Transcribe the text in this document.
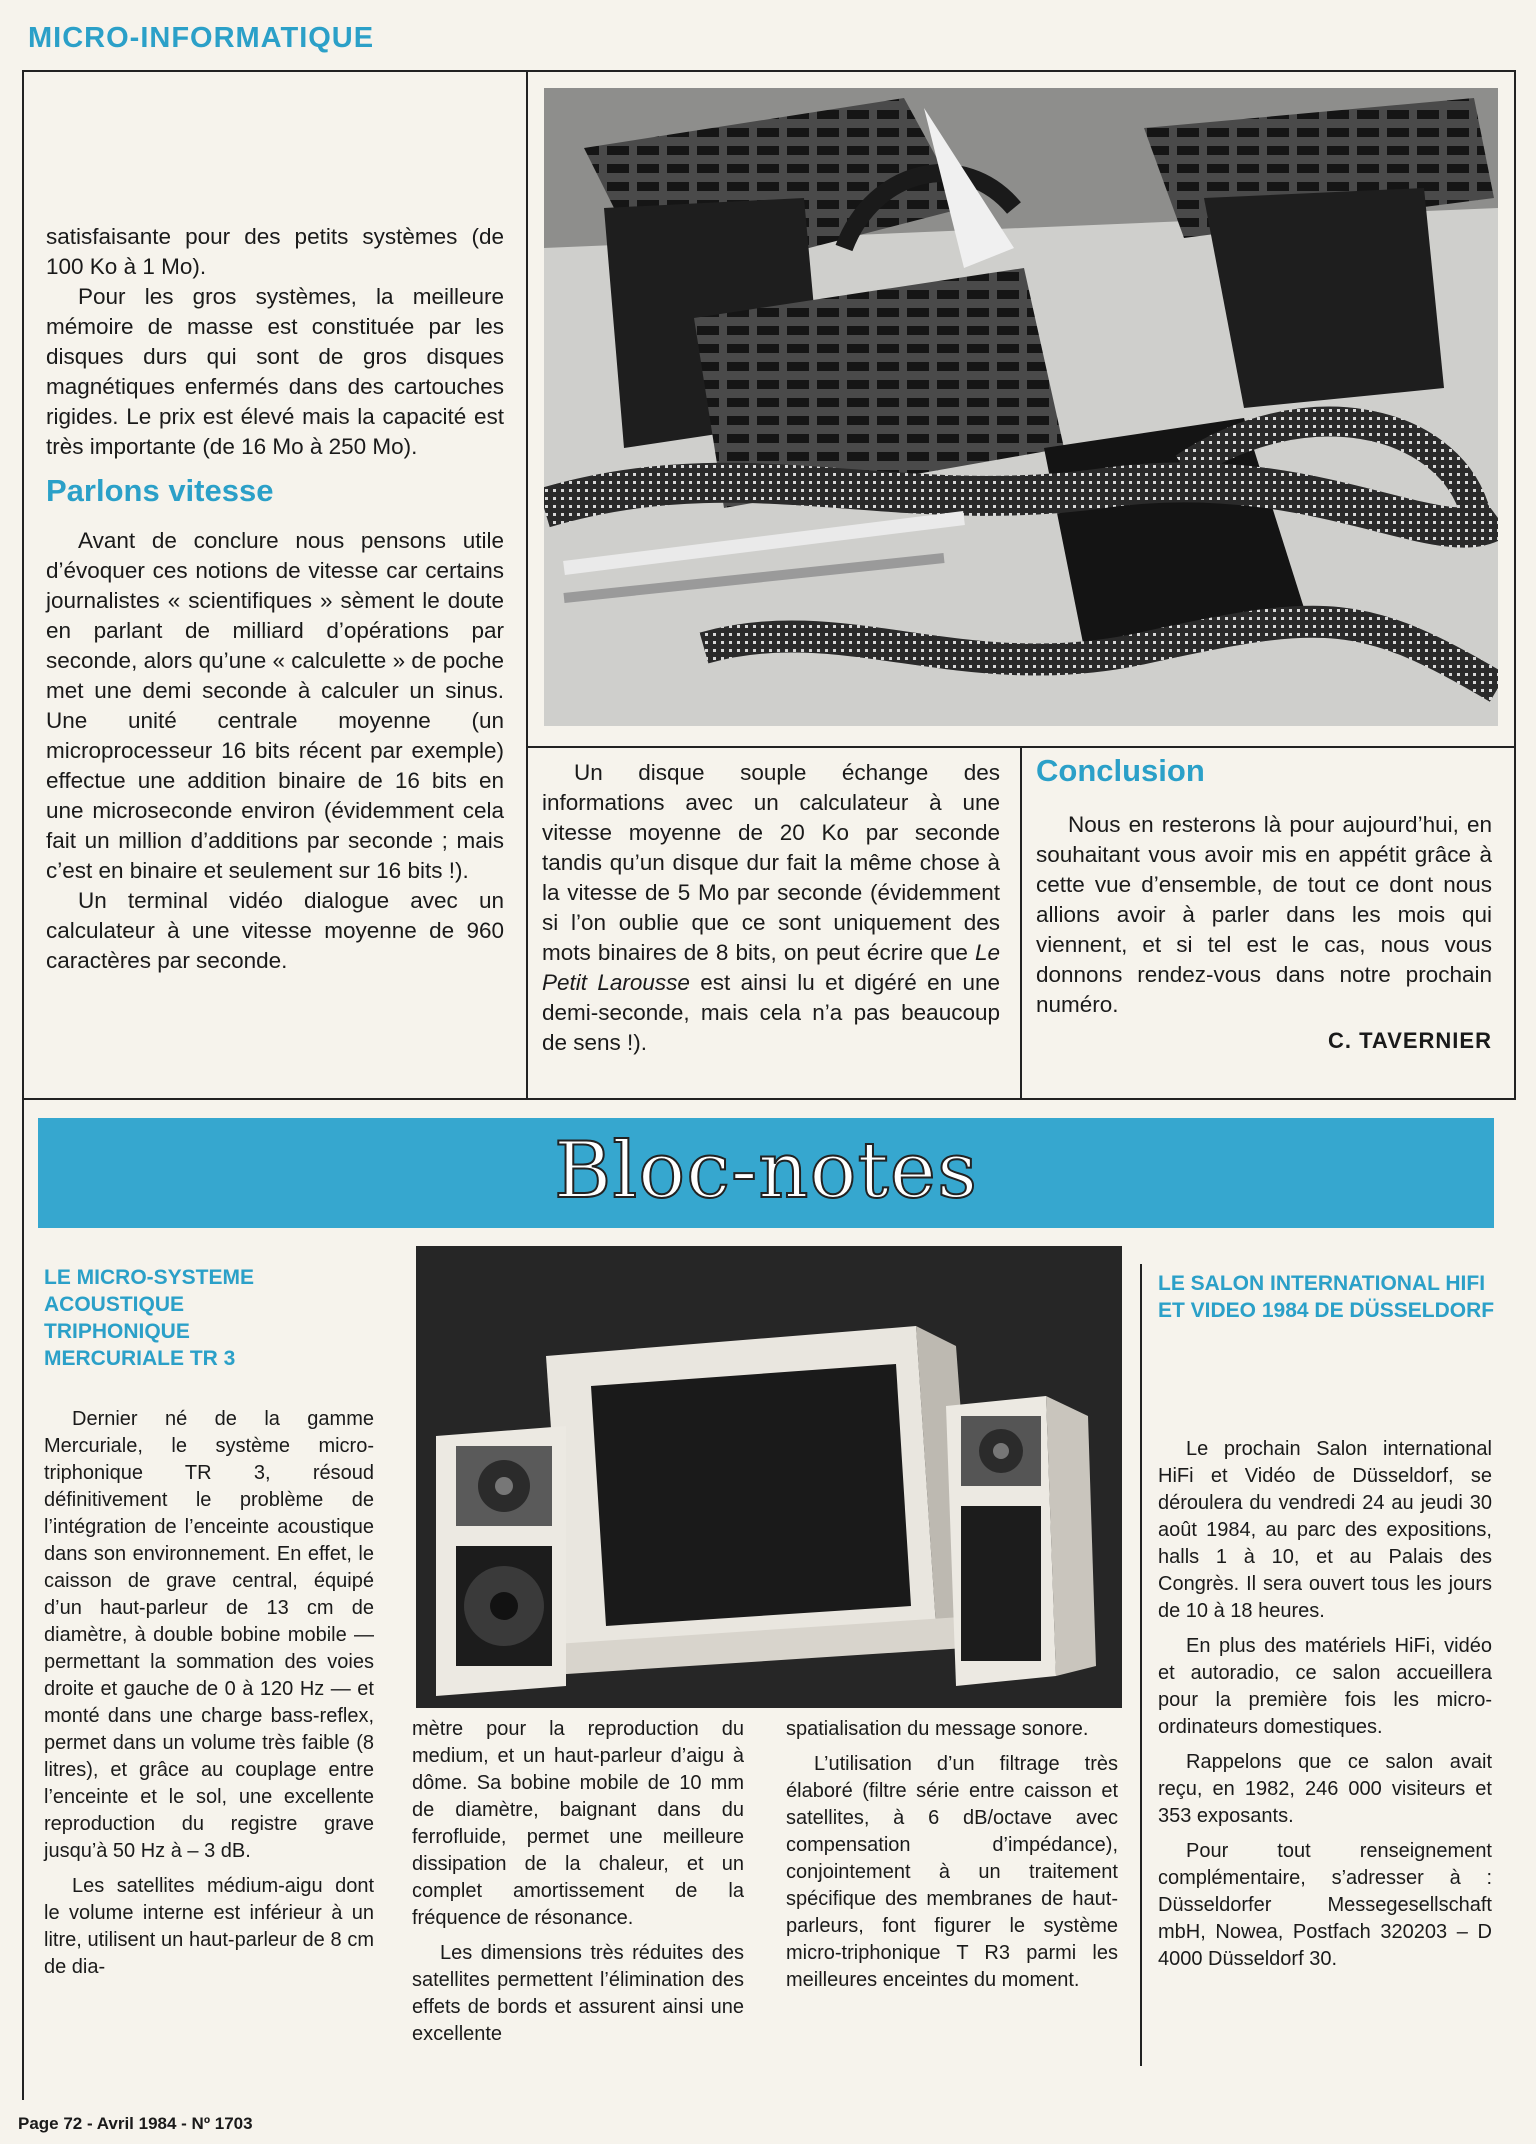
MICRO-INFORMATIQUE

satisfaisante pour des petits systèmes (de 100 Ko à 1 Mo).

Pour les gros systèmes, la meilleure mémoire de masse est constituée par les disques durs qui sont de gros disques magnétiques enfermés dans des cartouches rigides. Le prix est élevé mais la capacité est très importante (de 16 Mo à 250 Mo).

Parlons vitesse

Avant de conclure nous pensons utile d’évoquer ces notions de vitesse car certains journalistes « scientifiques » sèment le doute en parlant de milliard d’opérations par seconde, alors qu’une « calculette » de poche met une demi seconde à calculer un sinus. Une unité centrale moyenne (un microprocesseur 16 bits récent par exemple) effectue une addition binaire de 16 bits en une microseconde environ (évidemment cela fait un million d’additions par seconde ; mais c’est en binaire et seulement sur 16 bits !).

Un terminal vidéo dialogue avec un calculateur à une vitesse moyenne de 960 caractères par seconde.

Un disque souple échange des informations avec un calculateur à une vitesse moyenne de 20 Ko par seconde tandis qu’un disque dur fait la même chose à la vitesse de 5 Mo par seconde (évidemment si l’on oublie que ce sont uniquement des mots binaires de 8 bits, on peut écrire que Le Petit Larousse est ainsi lu et digéré en une demi-seconde, mais cela n’a pas beaucoup de sens !).

Conclusion

Nous en resterons là pour aujourd’hui, en souhaitant vous avoir mis en appétit grâce à cette vue d’ensemble, de tout ce dont nous allions avoir à parler dans les mois qui viennent, et si tel est le cas, nous vous donnons rendez-vous dans notre prochain numéro.

C. TAVERNIER
Bloc-notes
LE MICRO-SYSTEME ACOUSTIQUE TRIPHONIQUE MERCURIALE TR 3

Dernier né de la gamme Mercuriale, le système micro-triphonique TR 3, résoud définitivement le problème de l’intégration de l’enceinte acoustique dans son environnement. En effet, le caisson de grave central, équipé d’un haut-parleur de 13 cm de diamètre, à double bobine mobile — permettant la sommation des voies droite et gauche de 0 à 120 Hz — et monté dans une charge bass-reflex, permet dans un volume très faible (8 litres), et grâce au couplage entre l’enceinte et le sol, une excellente reproduction du registre grave jusqu’à 50 Hz à – 3 dB.

Les satellites médium-aigu dont le volume interne est inférieur à un litre, utilisent un haut-parleur de 8 cm de dia-

mètre pour la reproduction du medium, et un haut-parleur d’aigu à dôme. Sa bobine mobile de 10 mm de diamètre, baignant dans du ferrofluide, permet une meilleure dissipation de la chaleur, et un complet amortissement de la fréquence de résonance.

Les dimensions très réduites des satellites permettent l’élimination des effets de bords et assurent ainsi une excellente

spatialisation du message sonore.

L’utilisation d’un filtrage très élaboré (filtre série entre caisson et satellites, à 6 dB/octave avec compensation d’impédance), conjointement à un traitement spécifique des membranes de haut-parleurs, font figurer le système micro-triphonique T R3 parmi les meilleures enceintes du moment.

LE SALON INTERNATIONAL HIFI ET VIDEO 1984 DE DÜSSELDORF

Le prochain Salon international HiFi et Vidéo de Düsseldorf, se déroulera du vendredi 24 au jeudi 30 août 1984, au parc des expositions, halls 1 à 10, et au Palais des Congrès. Il sera ouvert tous les jours de 10 à 18 heures.

En plus des matériels HiFi, vidéo et autoradio, ce salon accueillera pour la première fois les micro-ordinateurs domestiques.

Rappelons que ce salon avait reçu, en 1982, 246 000 visiteurs et 353 exposants.

Pour tout renseignement complémentaire, s’adresser à : Düsseldorfer Messegesellschaft mbH, Nowea, Postfach 320203 – D 4000 Düsseldorf 30.

Page 72 - Avril 1984 - Nº 1703
